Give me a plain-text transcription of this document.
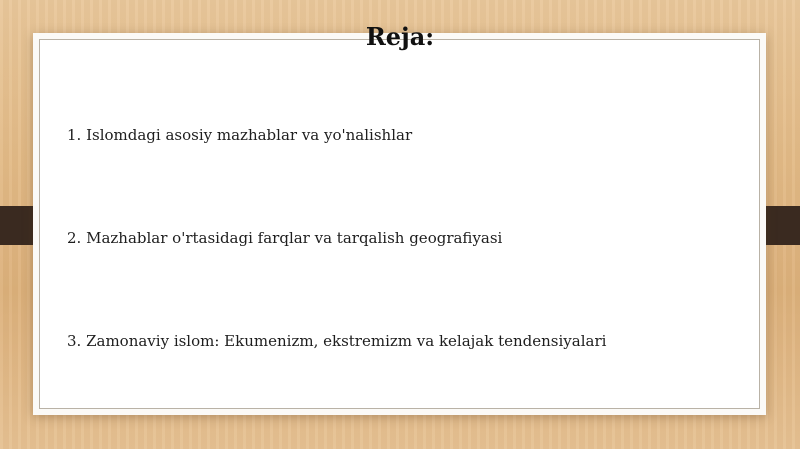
Reja:
1. Islomdagi asosiy mazhablar va yo'nalishlar
2. Mazhablar o'rtasidagi farqlar va tarqalish geografiyasi
3. Zamonaviy islom: Ekumenizm, ekstremizm va kelajak tendensiyalari
